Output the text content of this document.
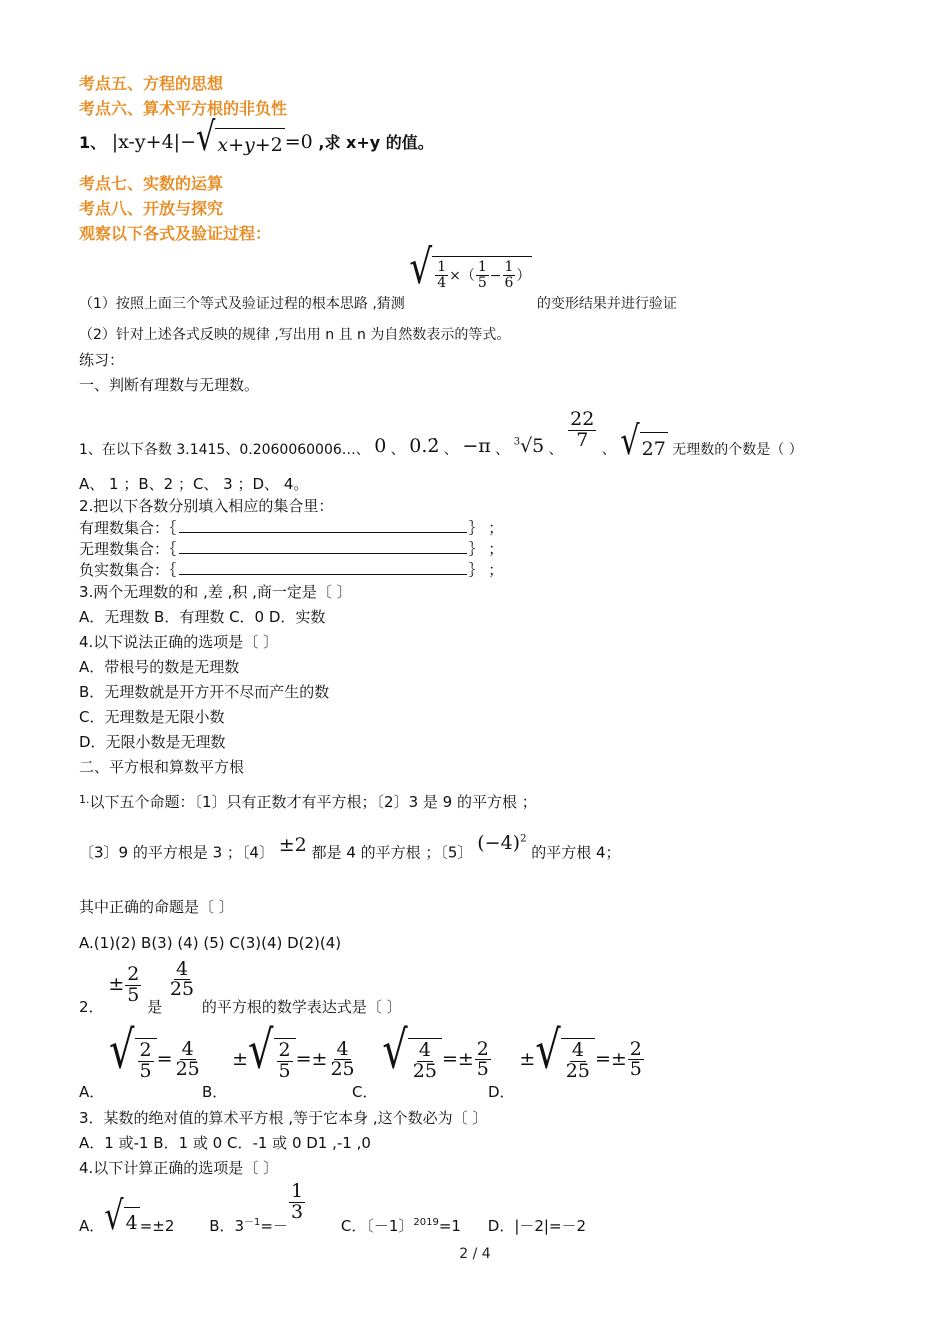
考点五、方程的思想
考点六、算术平方根的非负性
1、 |x-y+4|− √ x + y +2 =0 ,求 x+y 的值。
考点七、实数的运算
考点八、开放与探究
观察以下各式及验证过程：
（1）按照上面三个等式及验证过程的根本思路 ,猜测
√ $\frac{1}{4}$ ×（ $\frac{1}{5} - \frac{1}{6}$ ）
的变形结果并进行验证
（2）针对上述各式反映的规律 ,写出用 n 且 n 为自然数表示的等式。
练习：
一、判断有理数与无理数。
1、在以下各数 3.1415、0.2060060006…、 0 、 0.2̇ 、 −π 、 $^3$√5 、 $\frac{22}{7}$ 、 √ 27 无理数的个数是（ ）
A、 1 ；B、2 ；C、 3 ；D、 4。
2.把以下各数分别填入相应的集合里：
有理数集合：｛	｝ ；
无理数集合：｛	｝ ；
负实数集合：｛	｝ ；
3.两个无理数的和 ,差 ,积 ,商一定是〔 〕
A．无理数 B．有理数 C．0 D．实数
4.以下说法正确的选项是〔 〕
A．带根号的数是无理数
B．无理数就是开方开不尽而产生的数
C．无理数是无限小数
D．无限小数是无理数
二、平方根和算数平方根
$^{1.}$以下五个命题：〔1〕只有正数才有平方根；〔2〕3 是 9 的平方根 ；
〔3〕9 的平方根是 3 ；〔4〕 ±2 都是 4 的平方根 ；〔5〕 $(-4)^2$ 的平方根 4；
其中正确的命题是〔 〕
A.(1)(2) B(3) (4) (5) C(3)(4) D(2)(4)
2． ± $\frac{2}{5}$
是
$\frac{4}{25}$
的平方根的数学表达式是〔 〕
A．
√ $\frac{2}{5} = \frac{4}{25}$
B． ± √ $\frac{2}{5} =\pm \frac{4}{25}$
C．
√ $\frac{4}{25} =\pm \frac{2}{5}$
D． ± √ $\frac{4}{25} =\pm \frac{2}{5}$
3．某数的绝对值的算术平方根 ,等于它本身 ,这个数必为〔 〕
A．1 或-1 B．1 或 0 C．-1 或 0 D1 ,-1 ,0
4.以下计算正确的选项是〔 〕
A． √ 4 =±2 B．$3^{-1}=-$
$\frac{1}{3}$
C．〔－1〕$^{2019}$=1 D．|－2|=－2
2 / 4
